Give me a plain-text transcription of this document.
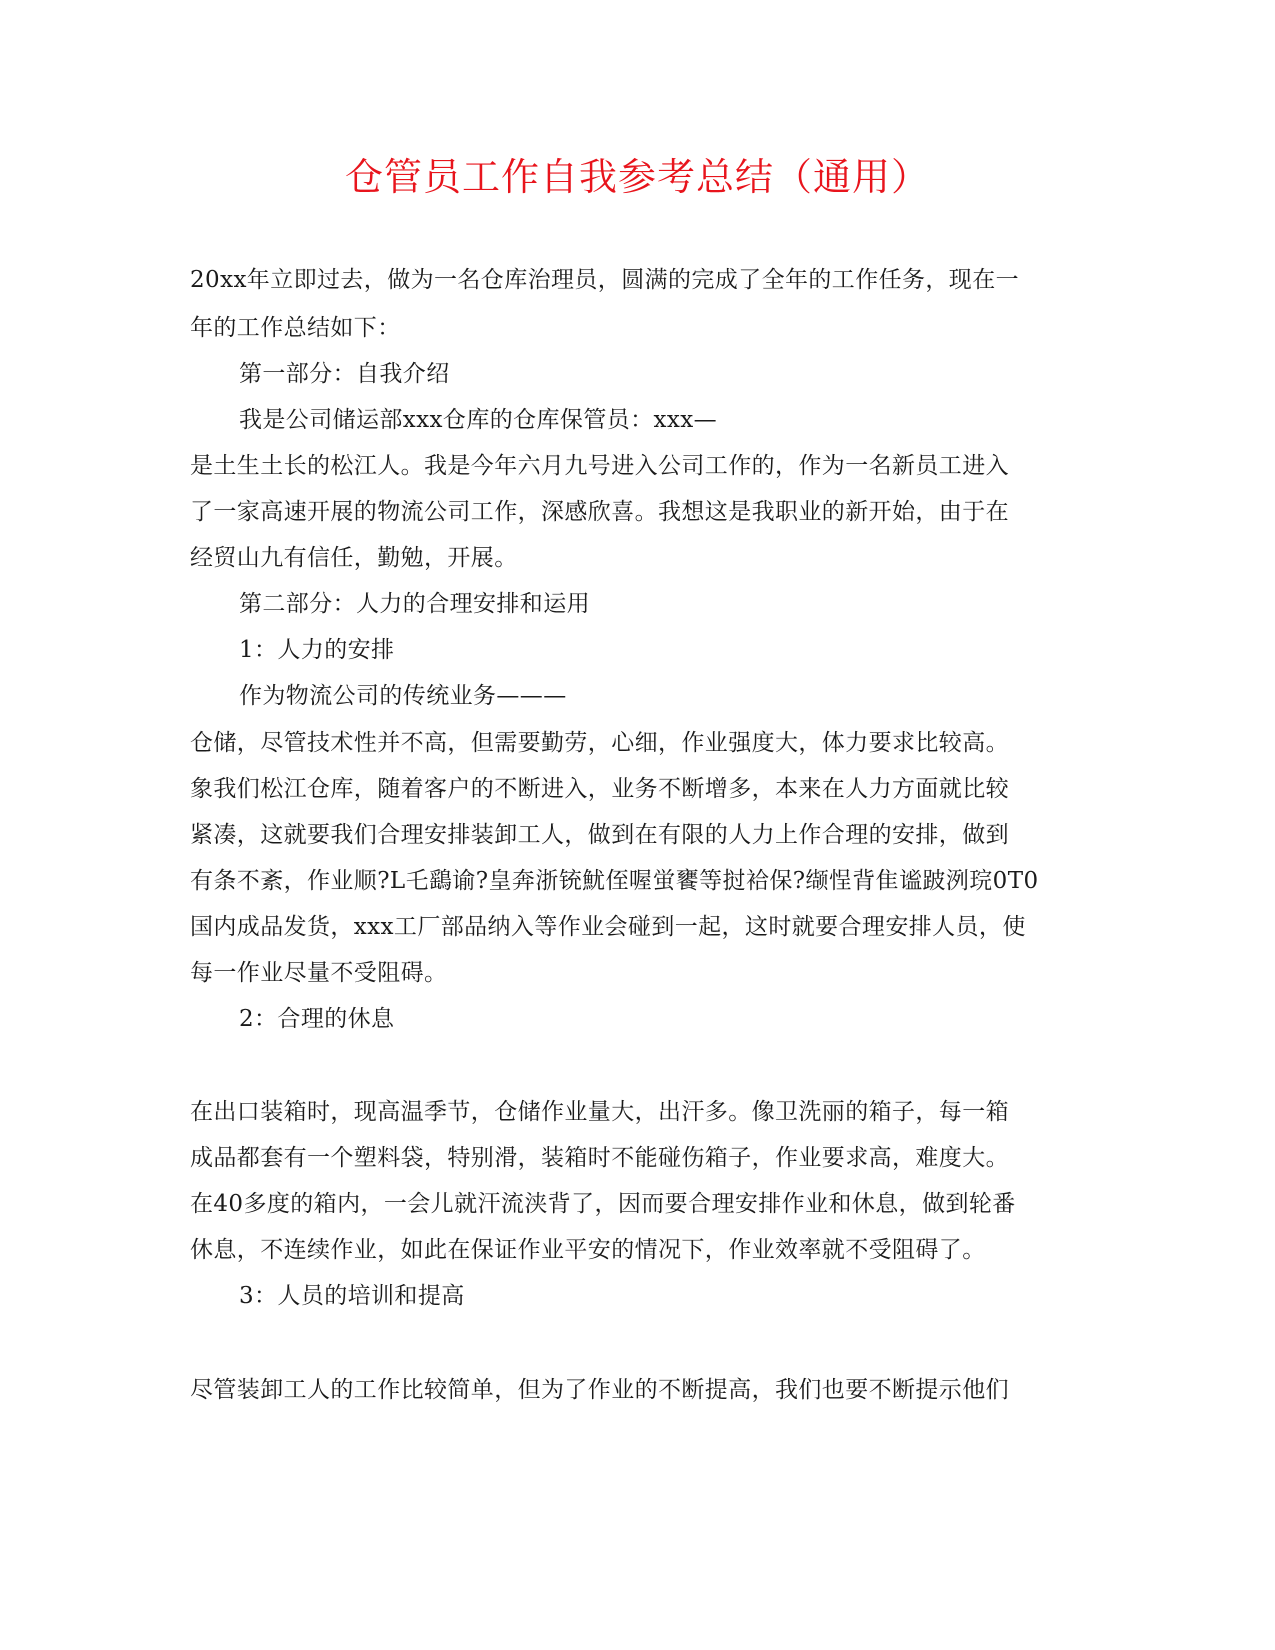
仓管员工作自我参考总结（通用）
20xx年立即过去，做为一名仓库治理员，圆满的完成了全年的工作任务，现在一
年的工作总结如下：
第一部分：自我介绍
我是公司储运部xxx仓库的仓库保管员：xxx—
是土生土长的松江人。我是今年六月九号进入公司工作的，作为一名新员工进入
了一家高速开展的物流公司工作，深感欣喜。我想这是我职业的新开始，由于在
经贸山九有信任，勤勉，开展。
第二部分：人力的合理安排和运用
1：人力的安排
作为物流公司的传统业务———
仓储，尽管技术性并不高，但需要勤劳，心细，作业强度大，体力要求比较高。
象我们松江仓库，随着客户的不断进入，业务不断增多，本来在人力方面就比较
紧凑，这就要我们合理安排装卸工人，做到在有限的人力上作合理的安排，做到
有条不紊，作业顺?L乇鷂谕?皇奔浙铳魷侄喔蛍饔等挝袷保?缬悜背隹谧跛洌琓0T0
国内成品发货，xxx工厂部品纳入等作业会碰到一起，这时就要合理安排人员，使
每一作业尽量不受阻碍。
2：合理的休息
在出口装箱时，现高温季节，仓储作业量大，出汗多。像卫洗丽的箱子，每一箱
成品都套有一个塑料袋，特别滑，装箱时不能碰伤箱子，作业要求高，难度大。
在40多度的箱内，一会儿就汗流浃背了，因而要合理安排作业和休息，做到轮番
休息，不连续作业，如此在保证作业平安的情况下，作业效率就不受阻碍了。
3：人员的培训和提高
尽管装卸工人的工作比较简单，但为了作业的不断提高，我们也要不断提示他们
